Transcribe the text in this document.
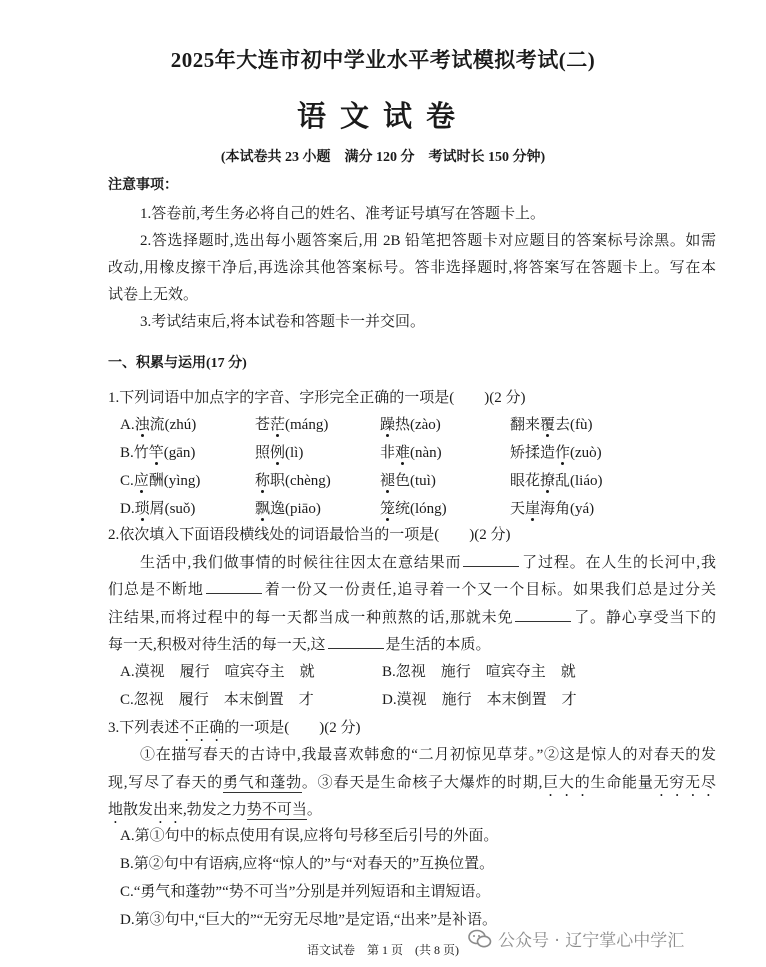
2025年大连市初中学业水平考试模拟考试(二)
语文试卷
(本试卷共 23 小题　满分 120 分　考试时长 150 分钟)
注意事项：
1.答卷前,考生务必将自己的姓名、准考证号填写在答题卡上。
2.答选择题时,选出每小题答案后,用 2B 铅笔把答题卡对应题目的答案标号涂黑。如需
改动,用橡皮擦干净后,再选涂其他答案标号。答非选择题时,将答案写在答题卡上。写在本
试卷上无效。
3.考试结束后,将本试卷和答题卡一并交回。
一、积累与运用(17 分)
1.下列词语中加点字的字音、字形完全正确的一项是(　　)(2 分)
A.浊流(zhú)	苍茫(máng)	躁热(zào)	翻来覆去(fù)
B.竹竿(gān)	照例(lì)	非难(nàn)	矫揉造作(zuò)
C.应酬(yìng)	称职(chèng)	褪色(tuì)	眼花撩乱(liáo)
D.琐屑(suǒ)	飘逸(piāo)	笼统(lóng)	天崖海角(yá)
2.依次填入下面语段横线处的词语最恰当的一项是(　　)(2 分)
生活中,我们做事情的时候往往因太在意结果而	了过程。在人生的长河中,我
们总是不断地	着一份又一份责任,追寻着一个又一个目标。如果我们总是过分关
注结果,而将过程中的每一天都当成一种煎熬的话,那就未免	了。静心享受当下的
每一天,积极对待生活的每一天,这	是生活的本质。
A.漠视　履行　喧宾夺主　就	B.忽视　施行　喧宾夺主　就
C.忽视　履行　本末倒置　才	D.漠视　施行　本末倒置　才
3.下列表述不正确的一项是(　　)(2 分)
①在描写春天的古诗中,我最喜欢韩愈的“二月初惊见草芽。”②这是惊人的对春天的发
现,写尽了春天的勇气和蓬勃。③春天是生命核子大爆炸的时期,巨大的生命能量无穷无尽
地散发出来,勃发之力势不可当。
A.第①句中的标点使用有误,应将句号移至后引号的外面。
B.第②句中有语病,应将“惊人的”与“对春天的”互换位置。
C.“勇气和蓬勃”“势不可当”分别是并列短语和主谓短语。
D.第③句中,“巨大的”“无穷无尽地”是定语,“出来”是补语。
语文试卷　第 1 页　(共 8 页)	公众号 · 辽宁掌心中学汇
